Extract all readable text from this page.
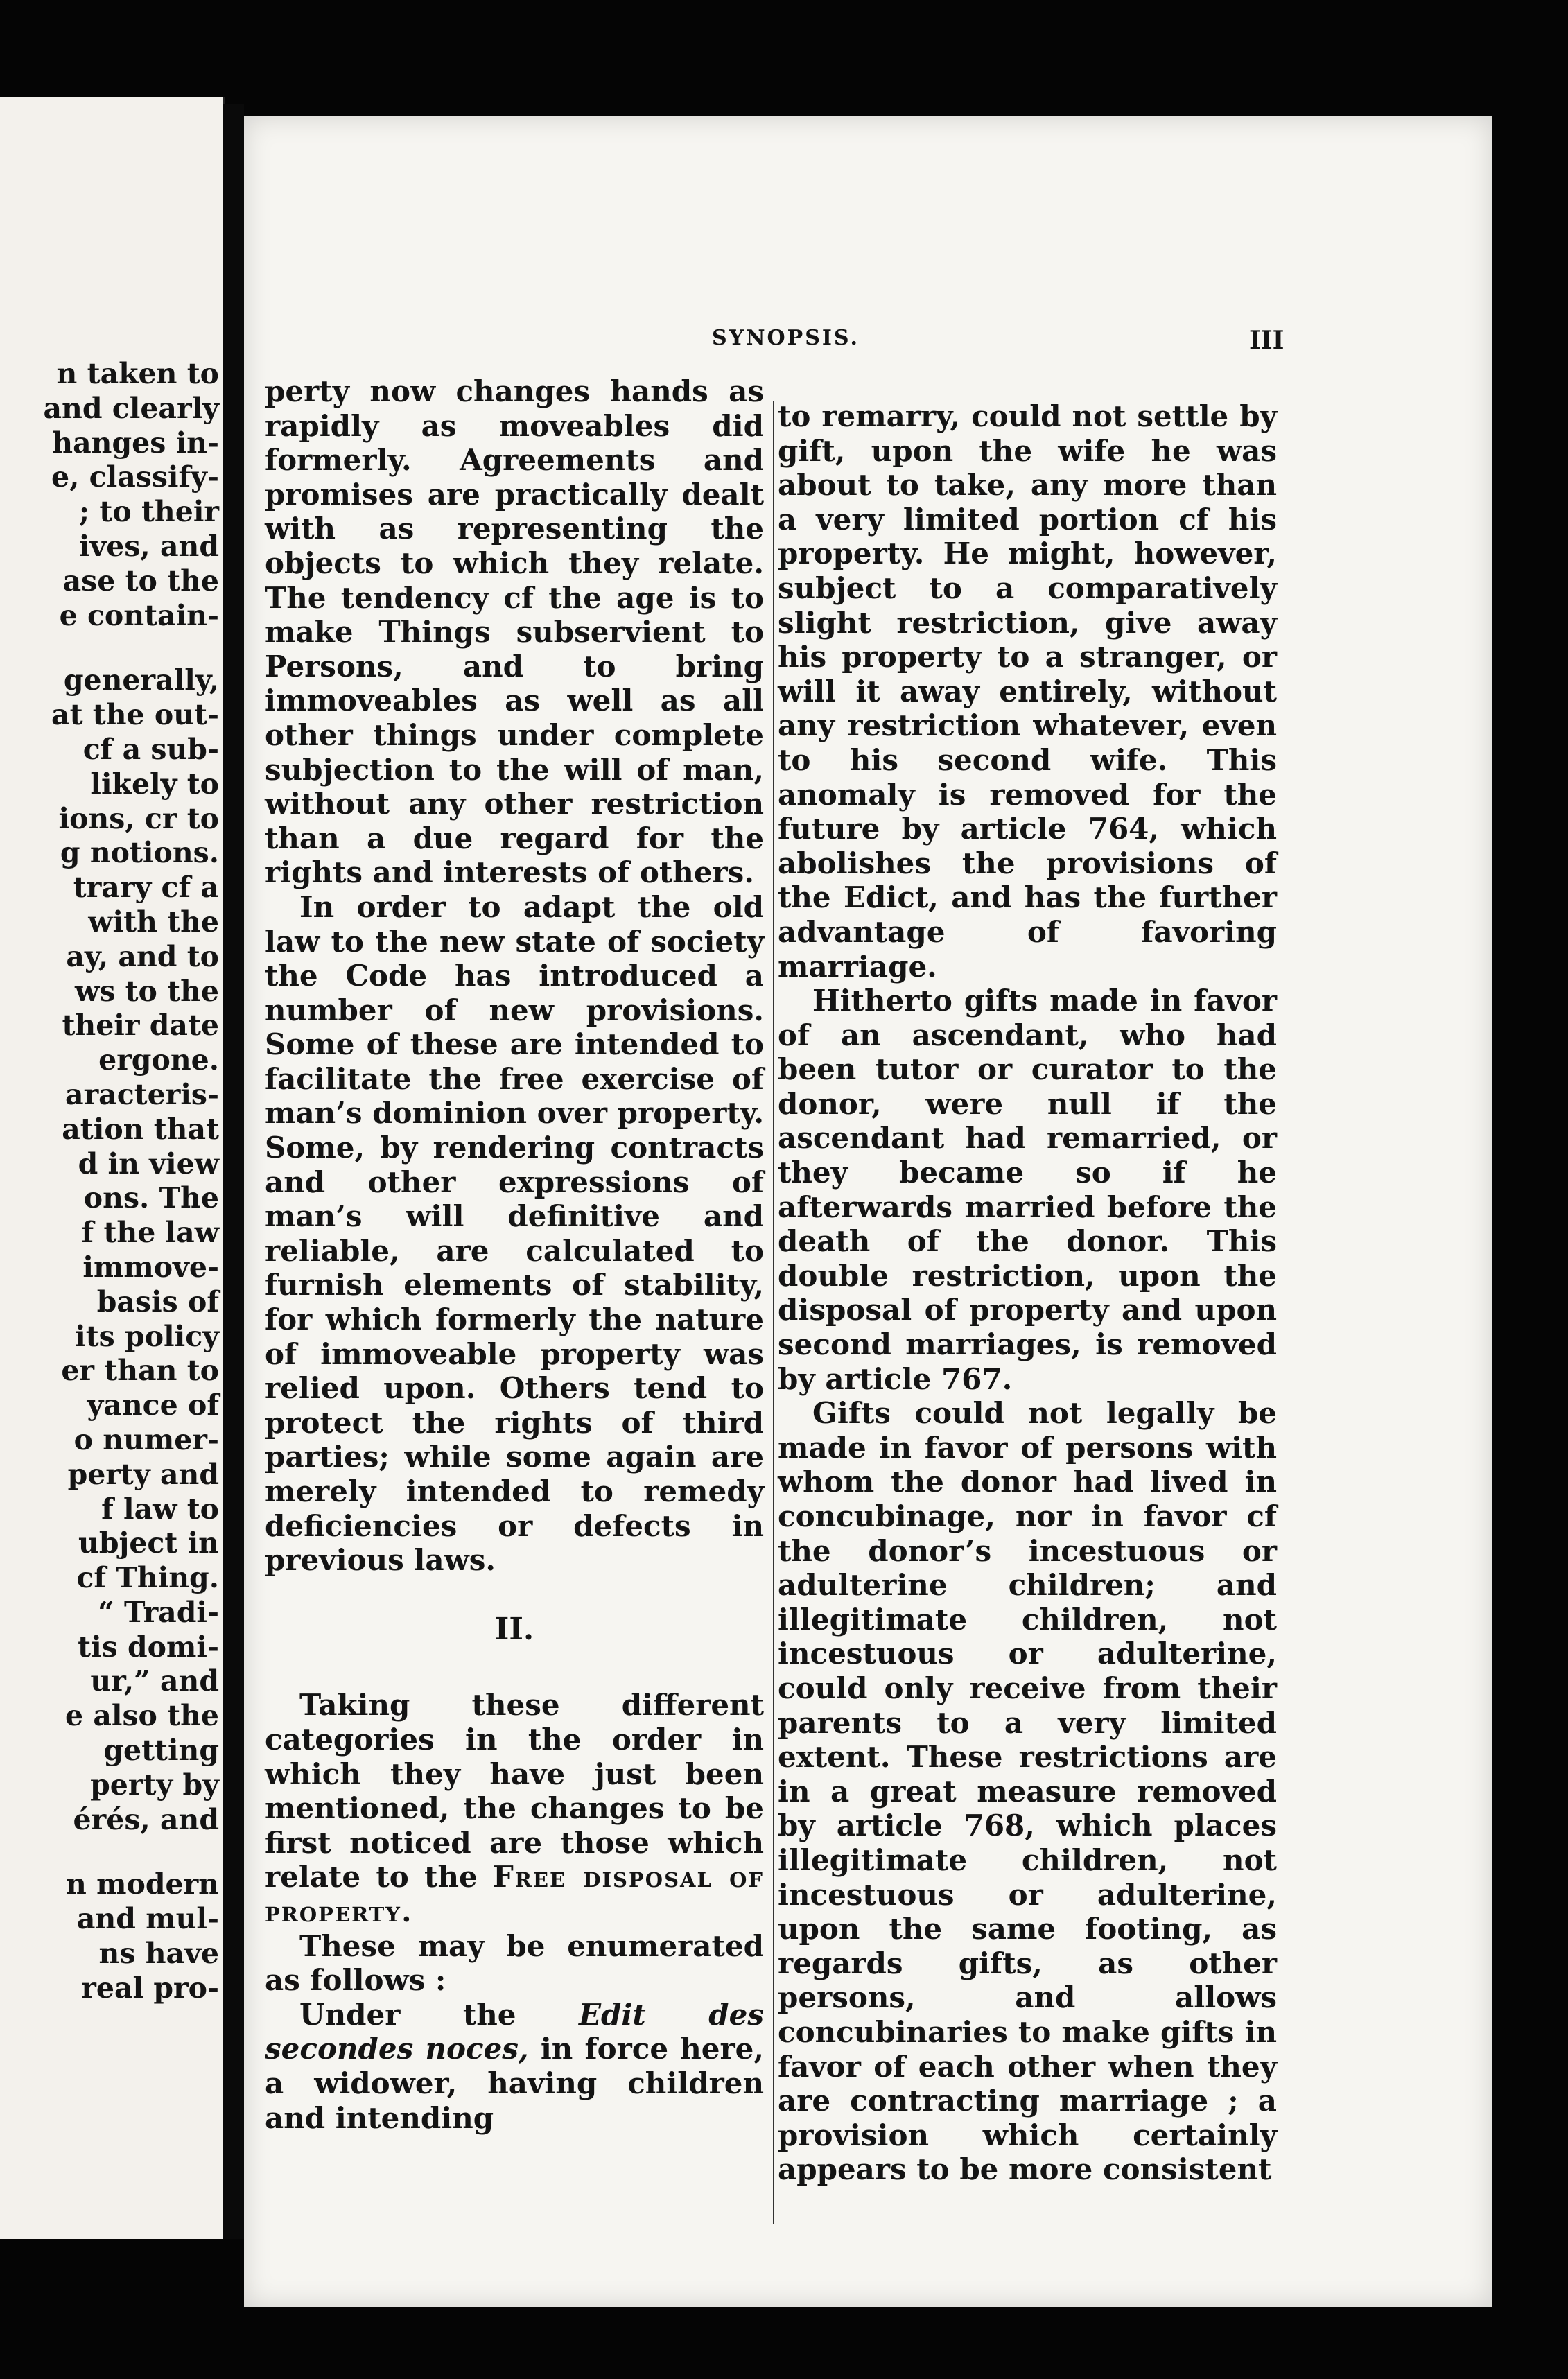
n taken to
and clearly
hanges in-
e, classify-
; to their
ives, and
ase to the
e contain-
generally,
at the out-
cf a sub-
likely to
ions, cr to
g notions.
trary cf a
with the
ay, and to
ws to the
their date
ergone.
aracteris-
ation that
d in view
ons. The
f the law
immove-
basis of
its policy
er than to
yance of
o numer-
perty and
f law to
ubject in
cf Thing.
“ Tradi-
tis domi-
ur,” and
e also the
getting
perty by
érés, and
n modern
and mul-
ns have
real pro-
SYNOPSIS.	III

perty now changes hands as rapidly as moveables did formerly. Agreements and promises are practically dealt with as representing the objects to which they relate. The tendency cf the age is to make Things subservient to Persons, and to bring immoveables as well as all other things under complete subjection to the will of man, without any other restriction than a due regard for the rights and interests of others.

In order to adapt the old law to the new state of society the Code has introduced a number of new provisions. Some of these are intended to facilitate the free exercise of man’s dominion over property. Some, by rendering contracts and other expressions of man’s will definitive and reliable, are calculated to furnish elements of stability, for which formerly the nature of immoveable property was relied upon. Others tend to protect the rights of third parties; while some again are merely intended to remedy deficiencies or defects in previous laws.

II.

Taking these different categories in the order in which they have just been mentioned, the changes to be first noticed are those which relate to the Free disposal of property.

These may be enumerated as follows :

Under the Edit des secondes noces, in force here, a widower, having children and intending

to remarry, could not settle by gift, upon the wife he was about to take, any more than a very limited portion cf his property. He might, however, subject to a comparatively slight restriction, give away his property to a stranger, or will it away entirely, without any restriction whatever, even to his second wife. This anomaly is removed for the future by article 764, which abolishes the provisions of the Edict, and has the further advantage of favoring marriage.

Hitherto gifts made in favor of an ascendant, who had been tutor or curator to the donor, were null if the ascendant had remarried, or they became so if he afterwards married before the death of the donor. This double restriction, upon the disposal of property and upon second marriages, is removed by article 767.

Gifts could not legally be made in favor of persons with whom the donor had lived in concubinage, nor in favor cf the donor’s incestuous or adulterine children; and illegitimate children, not incestuous or adulterine, could only receive from their parents to a very limited extent. These restrictions are in a great measure removed by article 768, which places illegitimate children, not incestuous or adulterine, upon the same footing, as regards gifts, as other persons, and allows concubinaries to make gifts in favor of each other when they are contracting marriage ; a provision which certainly appears to be more consistent
